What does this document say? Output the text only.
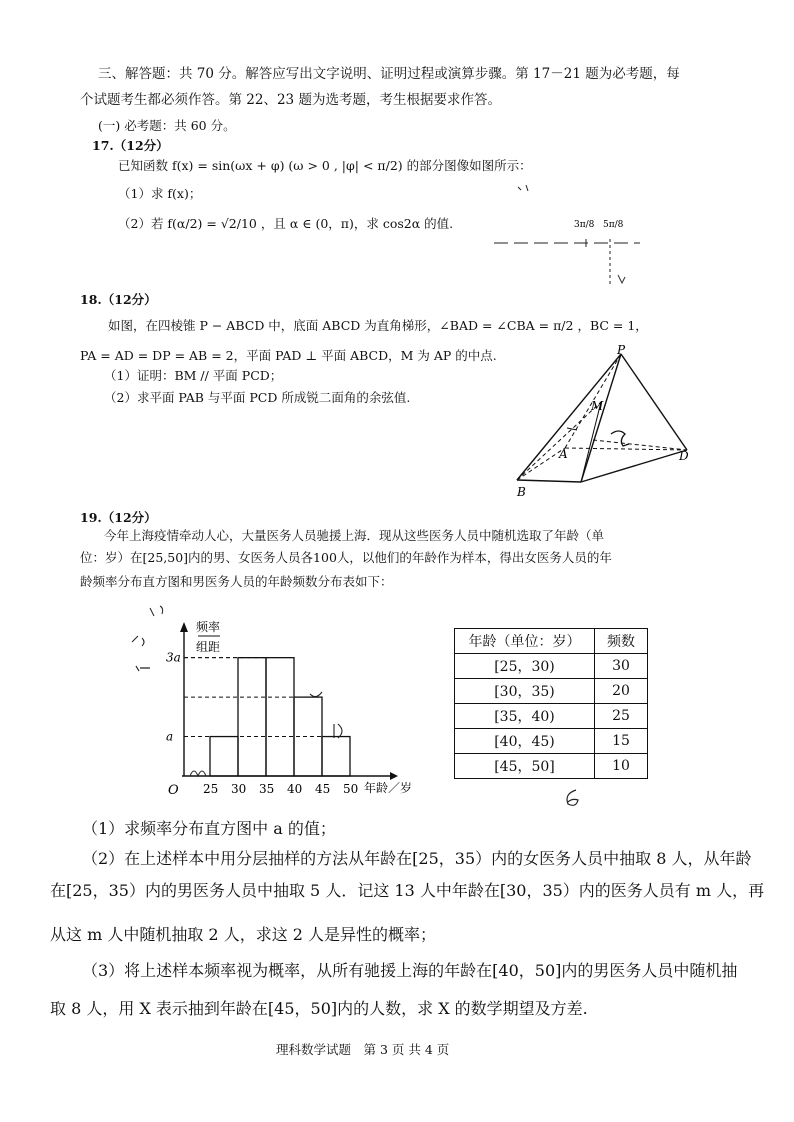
三、解答题：共 70 分。解答应写出文字说明、证明过程或演算步骤。第 17－21 题为必考题，每
个试题考生都必须作答。第 22、23 题为选考题，考生根据要求作答。
(一) 必考题：共 60 分。
17.（12分）
已知函数 f(x) = sin(ωx + φ) (ω > 0 , |φ| < π/2) 的部分图像如图所示：
（1）求 f(x)；
（2）若 f(α/2) = √2/10 ，且 α ∈ (0，π)，求 cos2α 的值.	3π/8 5π/8
18.（12分）
如图，在四棱锥 P − ABCD 中，底面 ABCD 为直角梯形，∠BAD = ∠CBA = π/2 ，BC = 1，
PA = AD = DP = AB = 2，平面 PAD ⊥ 平面 ABCD，M 为 AP 的中点.
（1）证明：BM // 平面 PCD；
（2）求平面 PAB 与平面 PCD 所成锐二面角的余弦值.
P
M
A
B
D
19.（12分）
今年上海疫情牵动人心，大量医务人员驰援上海．现从这些医务人员中随机选取了年龄（单
位：岁）在[25,50]内的男、女医务人员各100人，以他们的年龄作为样本，得出女医务人员的年
龄频率分布直方图和男医务人员的年龄频数分布表如下：
频率
组距
O	年龄／岁
25 30 35 40 45 50
a
3a
年龄（单位：岁）	频数
[25，30)	30
[30，35)	20
[35，40)	25
[40，45)	15
[45，50]	10
（1）求频率分布直方图中 a 的值；
（2）在上述样本中用分层抽样的方法从年龄在[25，35）内的女医务人员中抽取 8 人，从年龄
在[25，35）内的男医务人员中抽取 5 人．记这 13 人中年龄在[30，35）内的医务人员有 m 人，再
从这 m 人中随机抽取 2 人，求这 2 人是异性的概率；
（3）将上述样本频率视为概率，从所有驰援上海的年龄在[40，50]内的男医务人员中随机抽
取 8 人，用 X 表示抽到年龄在[45，50]内的人数，求 X 的数学期望及方差.
理科数学试题　第 3 页 共 4 页
